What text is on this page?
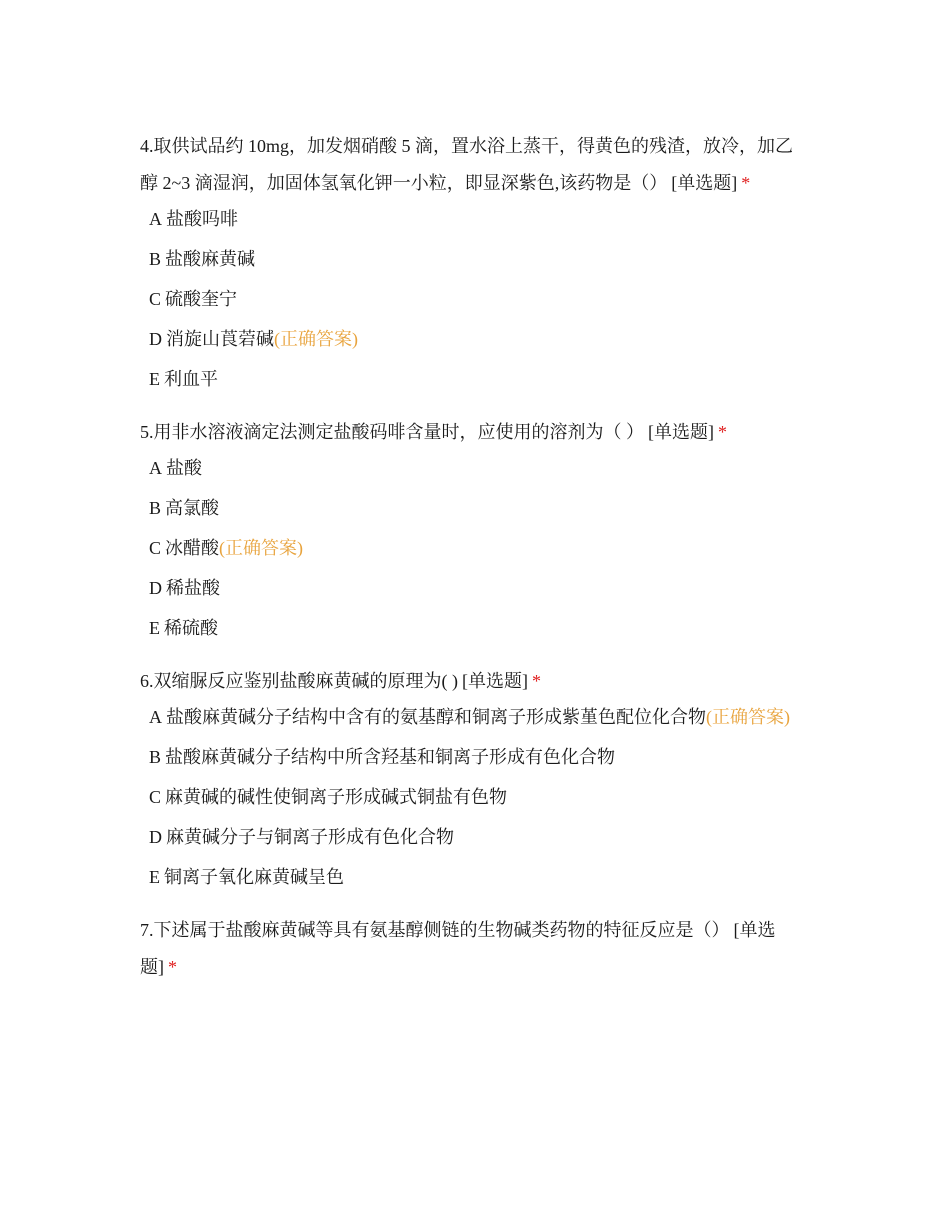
4.取供试品约 10mg，加发烟硝酸 5 滴，置水浴上蒸干，得黄色的残渣，放冷，加乙醇 2~3 滴湿润，加固体氢氧化钾一小粒，即显深紫色,该药物是（） [单选题] *

A 盐酸吗啡
B 盐酸麻黄碱
C 硫酸奎宁
D 消旋山莨菪碱(正确答案)
E 利血平

5.用非水溶液滴定法测定盐酸码啡含量时，应使用的溶剂为（ ） [单选题] *

A 盐酸
B 高氯酸
C 冰醋酸(正确答案)
D 稀盐酸
E 稀硫酸

6.双缩脲反应鉴别盐酸麻黄碱的原理为( ) [单选题] *

A 盐酸麻黄碱分子结构中含有的氨基醇和铜离子形成紫堇色配位化合物(正确答案)
B 盐酸麻黄碱分子结构中所含羟基和铜离子形成有色化合物
C 麻黄碱的碱性使铜离子形成碱式铜盐有色物
D 麻黄碱分子与铜离子形成有色化合物
E 铜离子氧化麻黄碱呈色

7.下述属于盐酸麻黄碱等具有氨基醇侧链的生物碱类药物的特征反应是（） [单选题] *
